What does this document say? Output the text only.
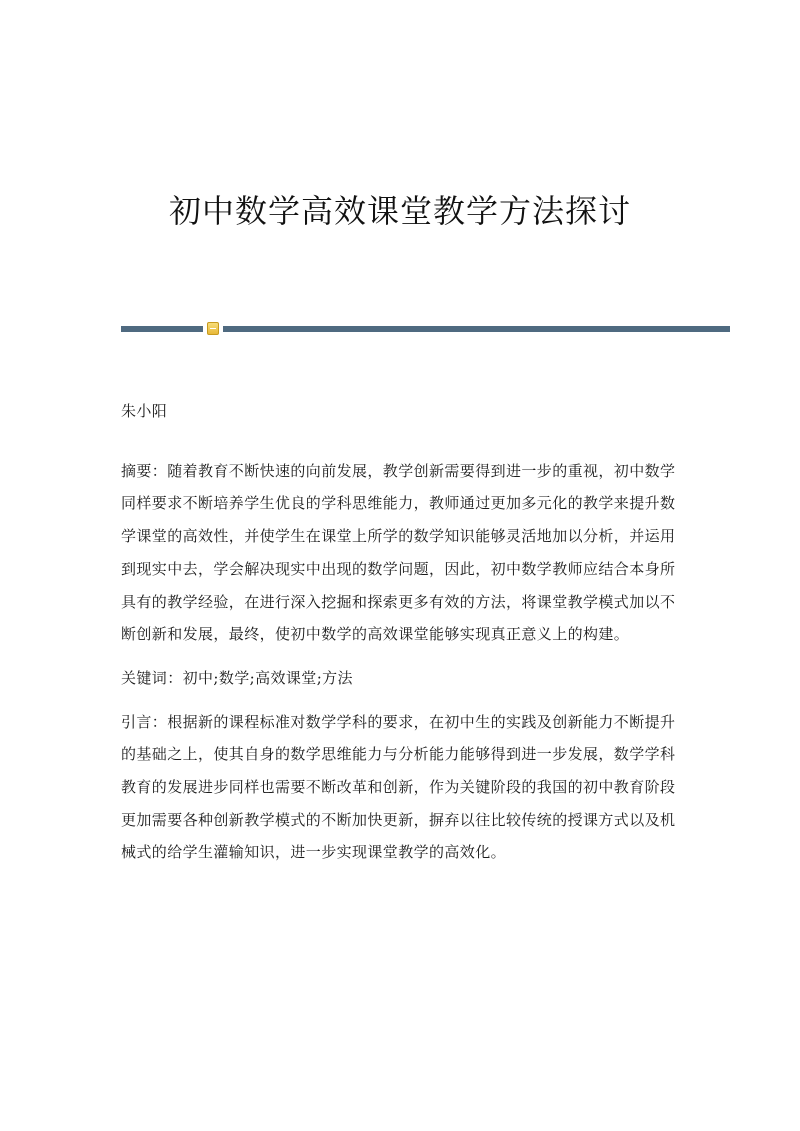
初中数学高效课堂教学方法探讨

朱小阳

摘要：随着教育不断快速的向前发展，教学创新需要得到进一步的重视，初中数学同样要求不断培养学生优良的学科思维能力，教师通过更加多元化的教学来提升数学课堂的高效性，并使学生在课堂上所学的数学知识能够灵活地加以分析，并运用到现实中去，学会解决现实中出现的数学问题，因此，初中数学教师应结合本身所具有的教学经验，在进行深入挖掘和探索更多有效的方法，将课堂教学模式加以不断创新和发展，最终，使初中数学的高效课堂能够实现真正意义上的构建。

关键词：初中;数学;高效课堂;方法

引言：根据新的课程标准对数学学科的要求，在初中生的实践及创新能力不断提升的基础之上，使其自身的数学思维能力与分析能力能够得到进一步发展，数学学科教育的发展进步同样也需要不断改革和创新，作为关键阶段的我国的初中教育阶段更加需要各种创新教学模式的不断加快更新，摒弃以往比较传统的授课方式以及机械式的给学生灌输知识，进一步实现课堂教学的高效化。
